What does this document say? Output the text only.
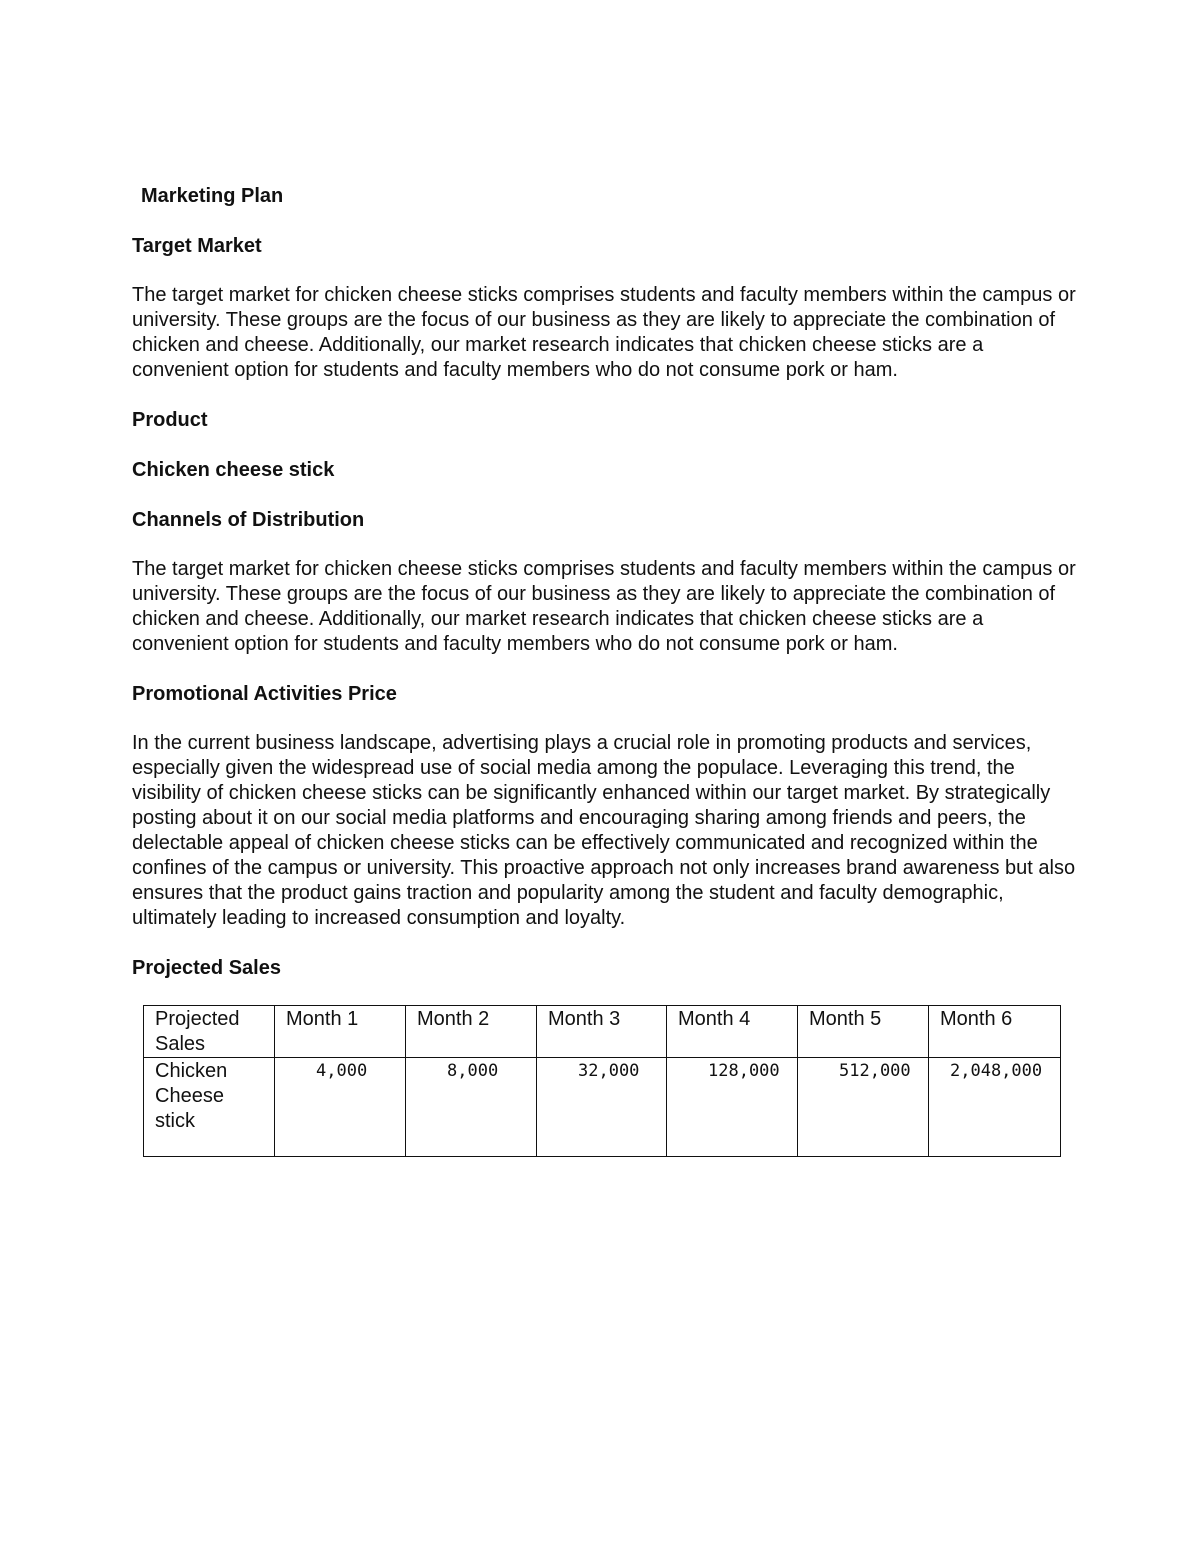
Marketing Plan
Target Market
The target market for chicken cheese sticks comprises students and faculty members within the campus or university. These groups are the focus of our business as they are likely to appreciate the combination of chicken and cheese. Additionally, our market research indicates that chicken cheese sticks are a convenient option for students and faculty members who do not consume pork or ham.
Product
Chicken cheese stick
Channels of Distribution
The target market for chicken cheese sticks comprises students and faculty members within the campus or university. These groups are the focus of our business as they are likely to appreciate the combination of chicken and cheese. Additionally, our market research indicates that chicken cheese sticks are a convenient option for students and faculty members who do not consume pork or ham.
Promotional Activities Price
In the current business landscape, advertising plays a crucial role in promoting products and services, especially given the widespread use of social media among the populace. Leveraging this trend, the visibility of chicken cheese sticks can be significantly enhanced within our target market. By strategically posting about it on our social media platforms and encouraging sharing among friends and peers, the delectable appeal of chicken cheese sticks can be effectively communicated and recognized within the confines of the campus or university. This proactive approach not only increases brand awareness but also ensures that the product gains traction and popularity among the student and faculty demographic, ultimately leading to increased consumption and loyalty.
Projected Sales
Projected Sales	Month 1	Month 2	Month 3	Month 4	Month 5	Month 6
Chicken Cheese stick	4,000	8,000	32,000	128,000	512,000	2,048,000
